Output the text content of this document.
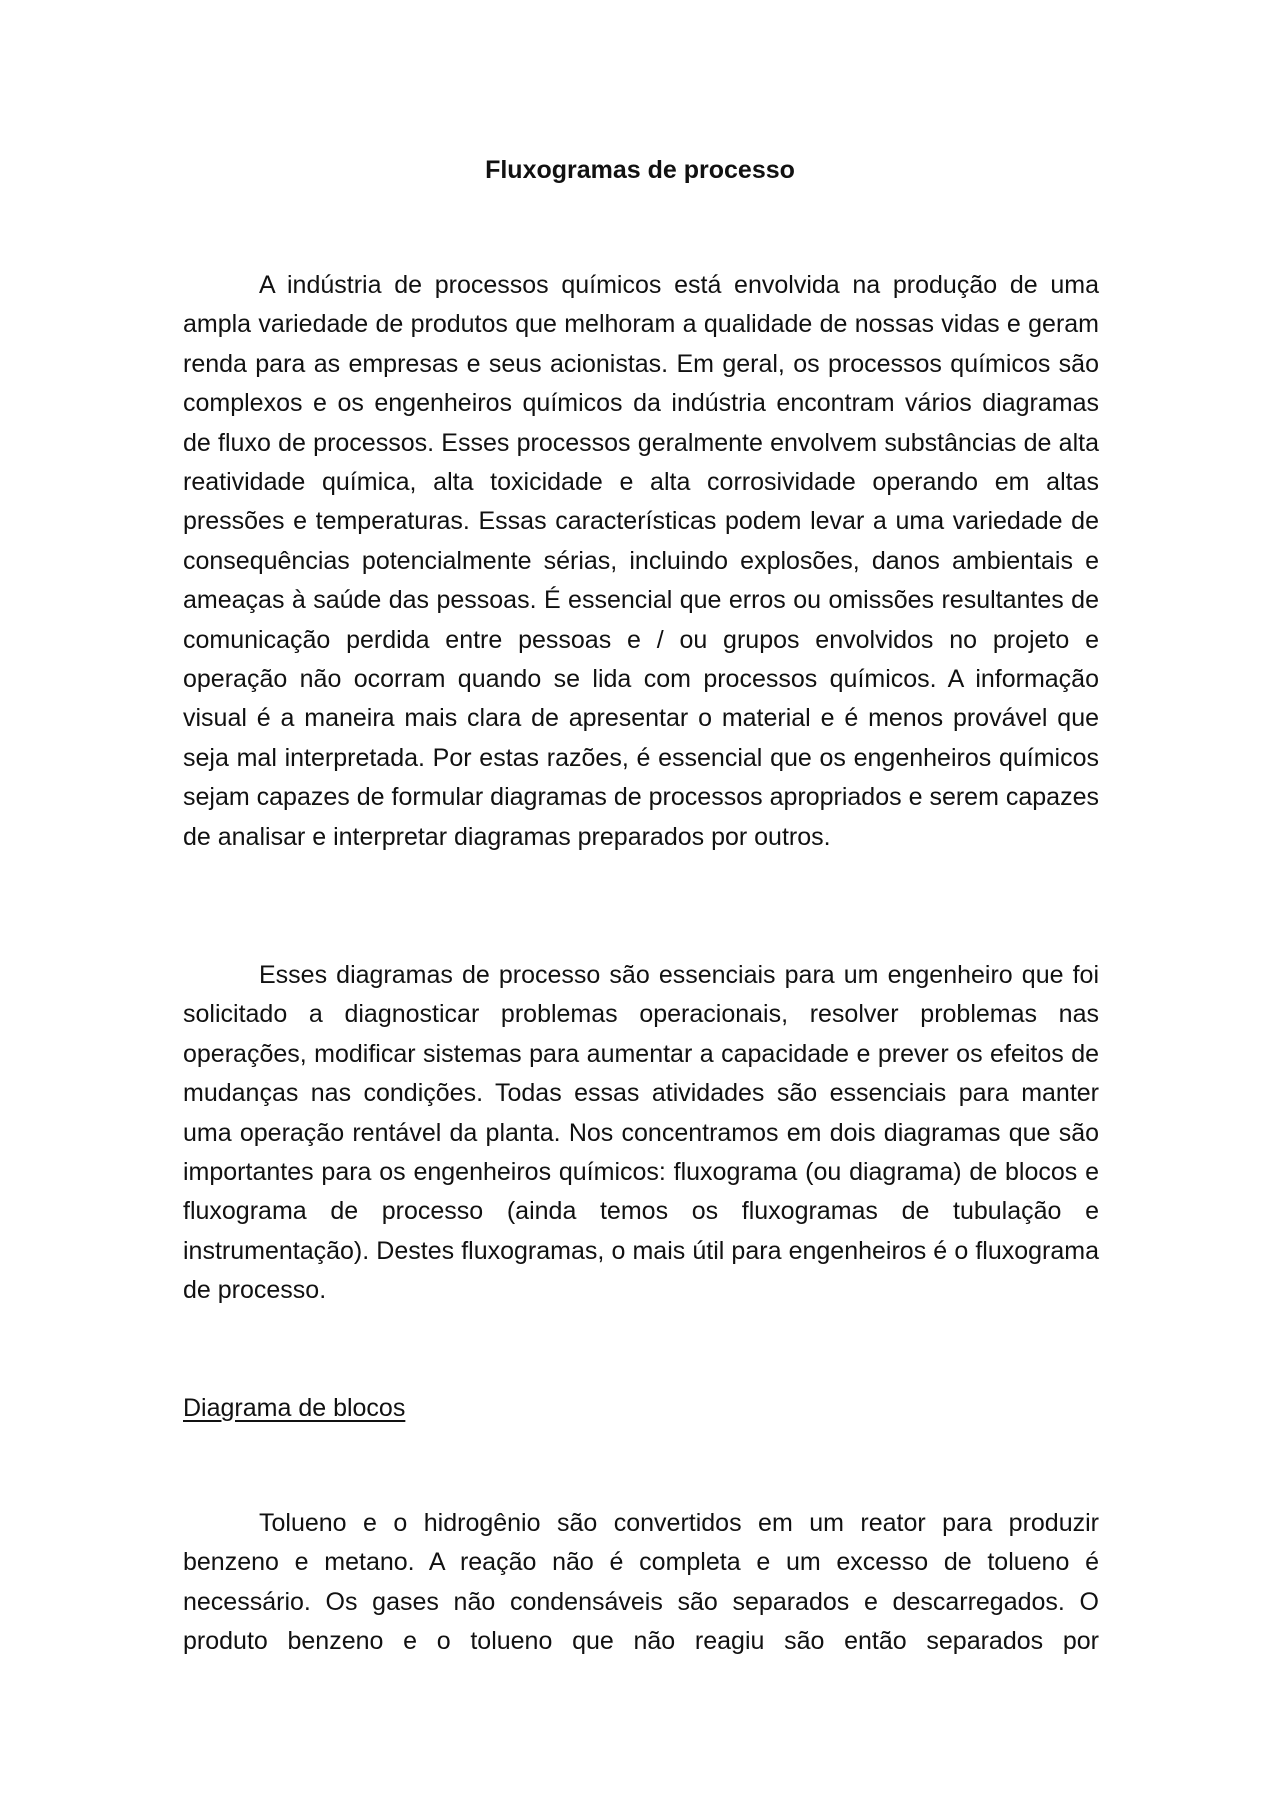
Fluxogramas de processo

A indústria de processos químicos está envolvida na produção de uma ampla variedade de produtos que melhoram a qualidade de nossas vidas e geram renda para as empresas e seus acionistas. Em geral, os processos químicos são complexos e os engenheiros químicos da indústria encontram vários diagramas de fluxo de processos. Esses processos geralmente envolvem substâncias de alta reatividade química, alta toxicidade e alta corrosividade operando em altas pressões e temperaturas. Essas características podem levar a uma variedade de consequências potencialmente sérias, incluindo explosões, danos ambientais e ameaças à saúde das pessoas. É essencial que erros ou omissões resultantes de comunicação perdida entre pessoas e / ou grupos envolvidos no projeto e operação não ocorram quando se lida com processos químicos. A informação visual é a maneira mais clara de apresentar o material e é menos provável que seja mal interpretada. Por estas razões, é essencial que os engenheiros químicos sejam capazes de formular diagramas de processos apropriados e serem capazes de analisar e interpretar diagramas preparados por outros.

Esses diagramas de processo são essenciais para um engenheiro que foi solicitado a diagnosticar problemas operacionais, resolver problemas nas operações, modificar sistemas para aumentar a capacidade e prever os efeitos de mudanças nas condições. Todas essas atividades são essenciais para manter uma operação rentável da planta. Nos concentramos em dois diagramas que são importantes para os engenheiros químicos: fluxograma (ou diagrama) de blocos e fluxograma de processo (ainda temos os fluxogramas de tubulação e instrumentação). Destes fluxogramas, o mais útil para engenheiros é o fluxograma de processo.

Diagrama de blocos

Tolueno e o hidrogênio são convertidos em um reator para produzir benzeno e metano. A reação não é completa e um excesso de tolueno é necessário. Os gases não condensáveis são separados e descarregados. O produto benzeno e o tolueno que não reagiu são então separados por
